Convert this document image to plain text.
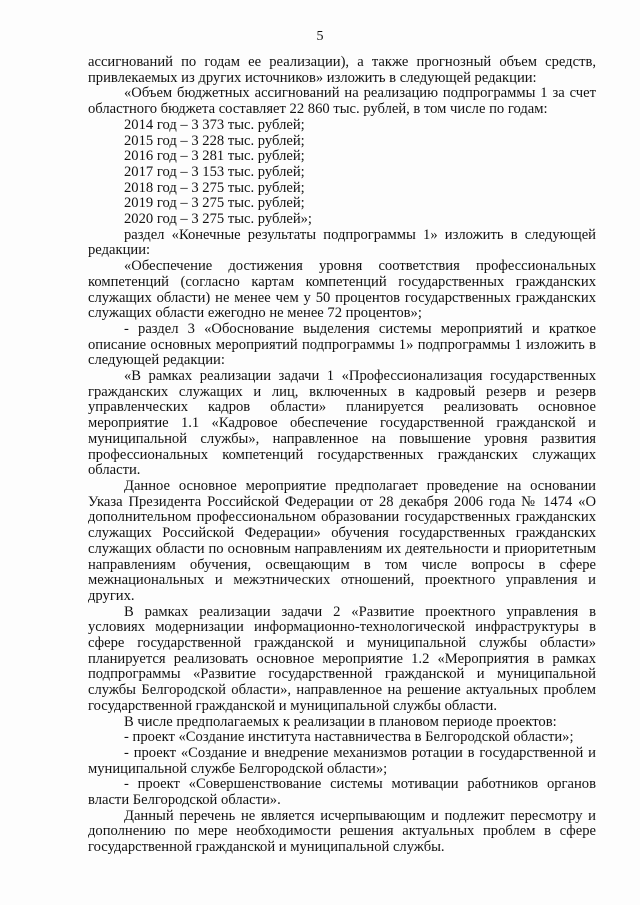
5

ассигнований по годам ее реализации), а также прогнозный объем средств, привлекаемых из других источников» изложить в следующей редакции:

«Объем бюджетных ассигнований на реализацию подпрограммы 1 за счет областного бюджета составляет 22 860 тыс. рублей, в том числе по годам:

2014 год – 3 373 тыс. рублей;

2015 год – 3 228 тыс. рублей;

2016 год – 3 281 тыс. рублей;

2017 год – 3 153 тыс. рублей;

2018 год – 3 275 тыс. рублей;

2019 год – 3 275 тыс. рублей;

2020 год – 3 275 тыс. рублей»;

раздел «Конечные результаты подпрограммы 1» изложить в следующей редакции:

«Обеспечение достижения уровня соответствия профессиональных компетенций (согласно картам компетенций государственных гражданских служащих области) не менее чем у 50 процентов государственных гражданских служащих области ежегодно не менее 72 процентов»;

- раздел 3 «Обоснование выделения системы мероприятий и краткое описание основных мероприятий подпрограммы 1» подпрограммы 1 изложить в следующей редакции:

«В рамках реализации задачи 1 «Профессионализация государственных гражданских служащих и лиц, включенных в кадровый резерв и резерв управленческих кадров области» планируется реализовать основное мероприятие 1.1 «Кадровое обеспечение государственной гражданской и муниципальной службы», направленное на повышение уровня развития профессиональных компетенций государственных гражданских служащих области.

Данное основное мероприятие предполагает проведение на основании Указа Президента Российской Федерации от 28 декабря 2006 года № 1474 «О дополнительном профессиональном образовании государственных гражданских служащих Российской Федерации» обучения государственных гражданских служащих области по основным направлениям их деятельности и приоритетным направлениям обучения, освещающим в том числе вопросы в сфере межнациональных и межэтнических отношений, проектного управления и других.

В рамках реализации задачи 2 «Развитие проектного управления в условиях модернизации информационно-технологической инфраструктуры в сфере государственной гражданской и муниципальной службы области» планируется реализовать основное мероприятие 1.2 «Мероприятия в рамках подпрограммы «Развитие государственной гражданской и муниципальной службы Белгородской области», направленное на решение актуальных проблем государственной гражданской и муниципальной службы области.

В числе предполагаемых к реализации в плановом периоде проектов:

- проект «Создание института наставничества в Белгородской области»;

- проект «Создание и внедрение механизмов ротации в государственной и муниципальной службе Белгородской области»;

- проект «Совершенствование системы мотивации работников органов власти Белгородской области».

Данный перечень не является исчерпывающим и подлежит пересмотру и дополнению по мере необходимости решения актуальных проблем в сфере государственной гражданской и муниципальной службы.
